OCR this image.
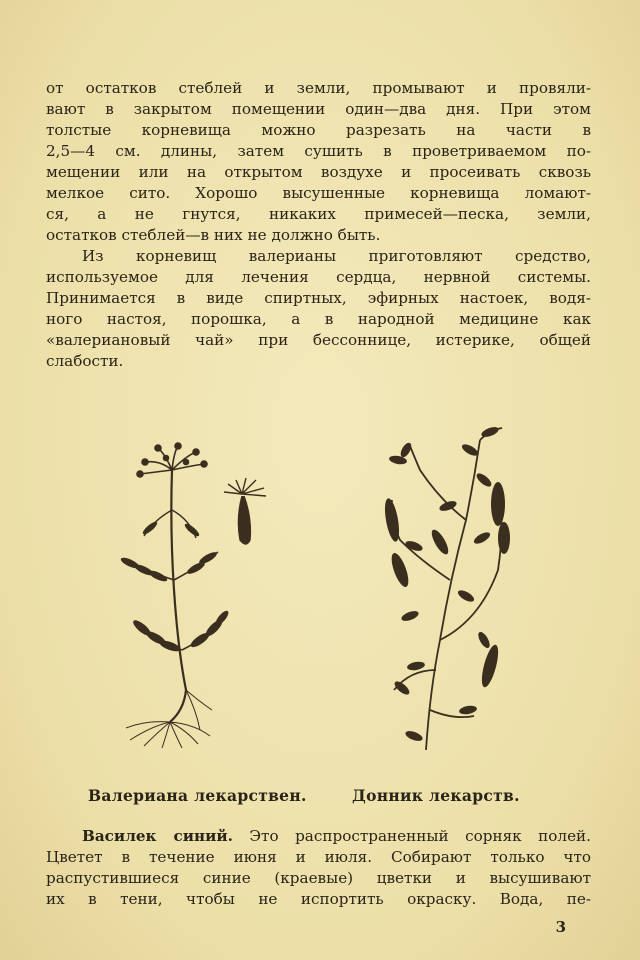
от остатков стеблей и земли, промывают и провяли-
вают в закрытом помещении один—два дня. При этом
толстые корневища можно разрезать на части в
2,5—4 см. длины, затем сушить в проветриваемом по-
мещении или на открытом воздухе и просеивать сквозь
мелкое сито. Хорошо высушенные корневища ломают-
ся, а не гнутся, никаких примесей—песка, земли,
остатков стеблей—в них не должно быть.
Из корневищ валерианы приготовляют средство,
используемое для лечения сердца, нервной системы.
Принимается в виде спиртных, эфирных настоек, водя-
ного настоя, порошка, а в народной медицине как
«валериановый чай» при бессоннице, истерике, общей
слабости.
Валериана лекарствен.	Донник лекарств.
Василек синий. Это распространенный сорняк полей.
Цветет в течение июня и июля. Собирают только что
распустившиеся синие (краевые) цветки и высушивают
их в тени, чтобы не испортить окраску. Вода, пе-
3
